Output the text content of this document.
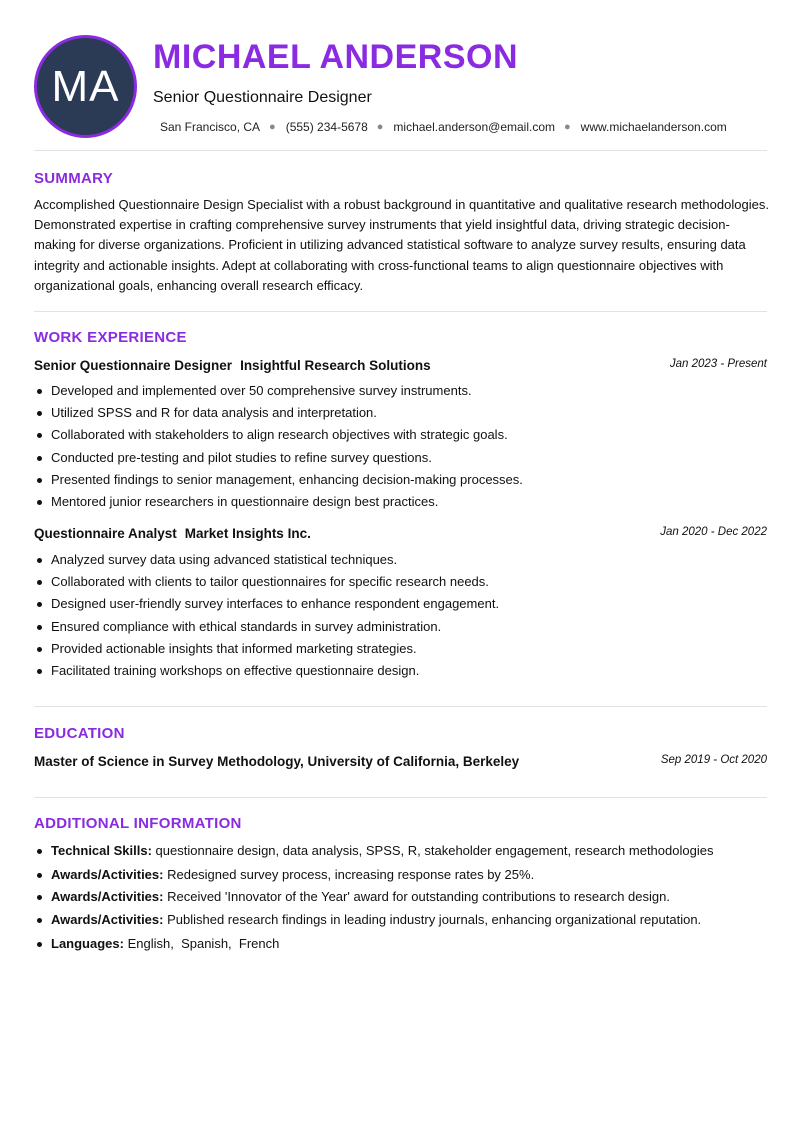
MA
MICHAEL ANDERSON
Senior Questionnaire Designer
San Francisco, CA ● (555) 234-5678 ● michael.anderson@email.com ● www.michaelanderson.com
SUMMARY
Accomplished Questionnaire Design Specialist with a robust background in quantitative and qualitative research methodologies. Demonstrated expertise in crafting comprehensive survey instruments that yield insightful data, driving strategic decision-making for diverse organizations. Proficient in utilizing advanced statistical software to analyze survey results, ensuring data integrity and actionable insights. Adept at collaborating with cross-functional teams to align questionnaire objectives with organizational goals, enhancing overall research efficacy.
WORK EXPERIENCE
Senior Questionnaire Designer Insightful Research Solutions	Jan 2023 - Present
Developed and implemented over 50 comprehensive survey instruments.
Utilized SPSS and R for data analysis and interpretation.
Collaborated with stakeholders to align research objectives with strategic goals.
Conducted pre-testing and pilot studies to refine survey questions.
Presented findings to senior management, enhancing decision-making processes.
Mentored junior researchers in questionnaire design best practices.
Questionnaire Analyst Market Insights Inc.	Jan 2020 - Dec 2022
Analyzed survey data using advanced statistical techniques.
Collaborated with clients to tailor questionnaires for specific research needs.
Designed user-friendly survey interfaces to enhance respondent engagement.
Ensured compliance with ethical standards in survey administration.
Provided actionable insights that informed marketing strategies.
Facilitated training workshops on effective questionnaire design.
EDUCATION
Master of Science in Survey Methodology, University of California, Berkeley	Sep 2019 - Oct 2020
ADDITIONAL INFORMATION
Technical Skills: questionnaire design, data analysis, SPSS, R, stakeholder engagement, research methodologies
Awards/Activities: Redesigned survey process, increasing response rates by 25%.
Awards/Activities: Received 'Innovator of the Year' award for outstanding contributions to research design.
Awards/Activities: Published research findings in leading industry journals, enhancing organizational reputation.
Languages: English,  Spanish,  French
